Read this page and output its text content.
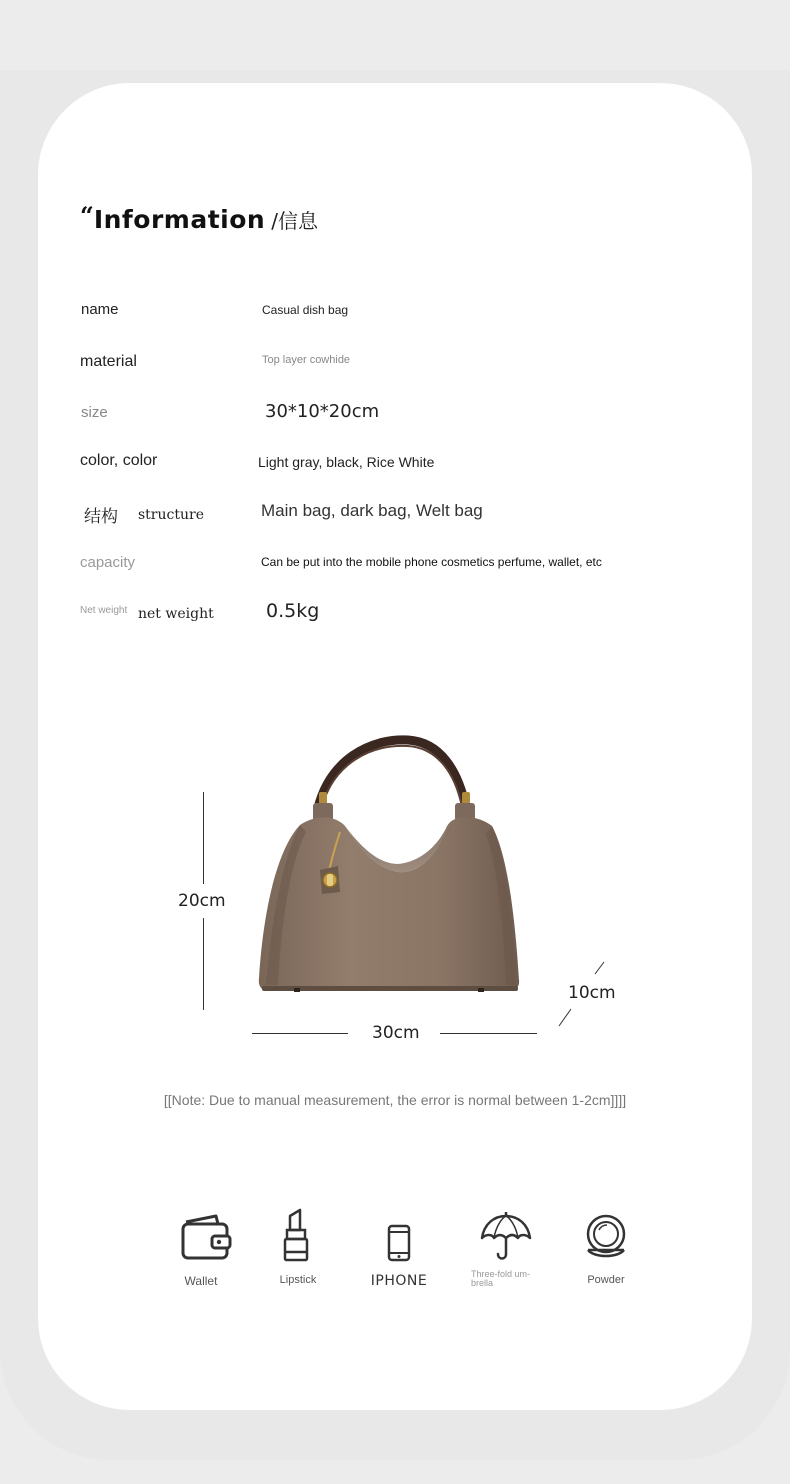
“Information /信息
name	Casual dish bag
material	Top layer cowhide
size	30*10*20cm
color, color	Light gray, black, Rice White
结构 structure	Main bag, dark bag, Welt bag
capacity	Can be put into the mobile phone cosmetics perfume, wallet, etc
Net weight net weight	0.5kg
20cm
30cm
10cm
[[Note: Due to manual measurement, the error is normal between 1-2cm]]]]
Wallet	Lipstick	IPHONE	Three-fold um-
brella	Powder
